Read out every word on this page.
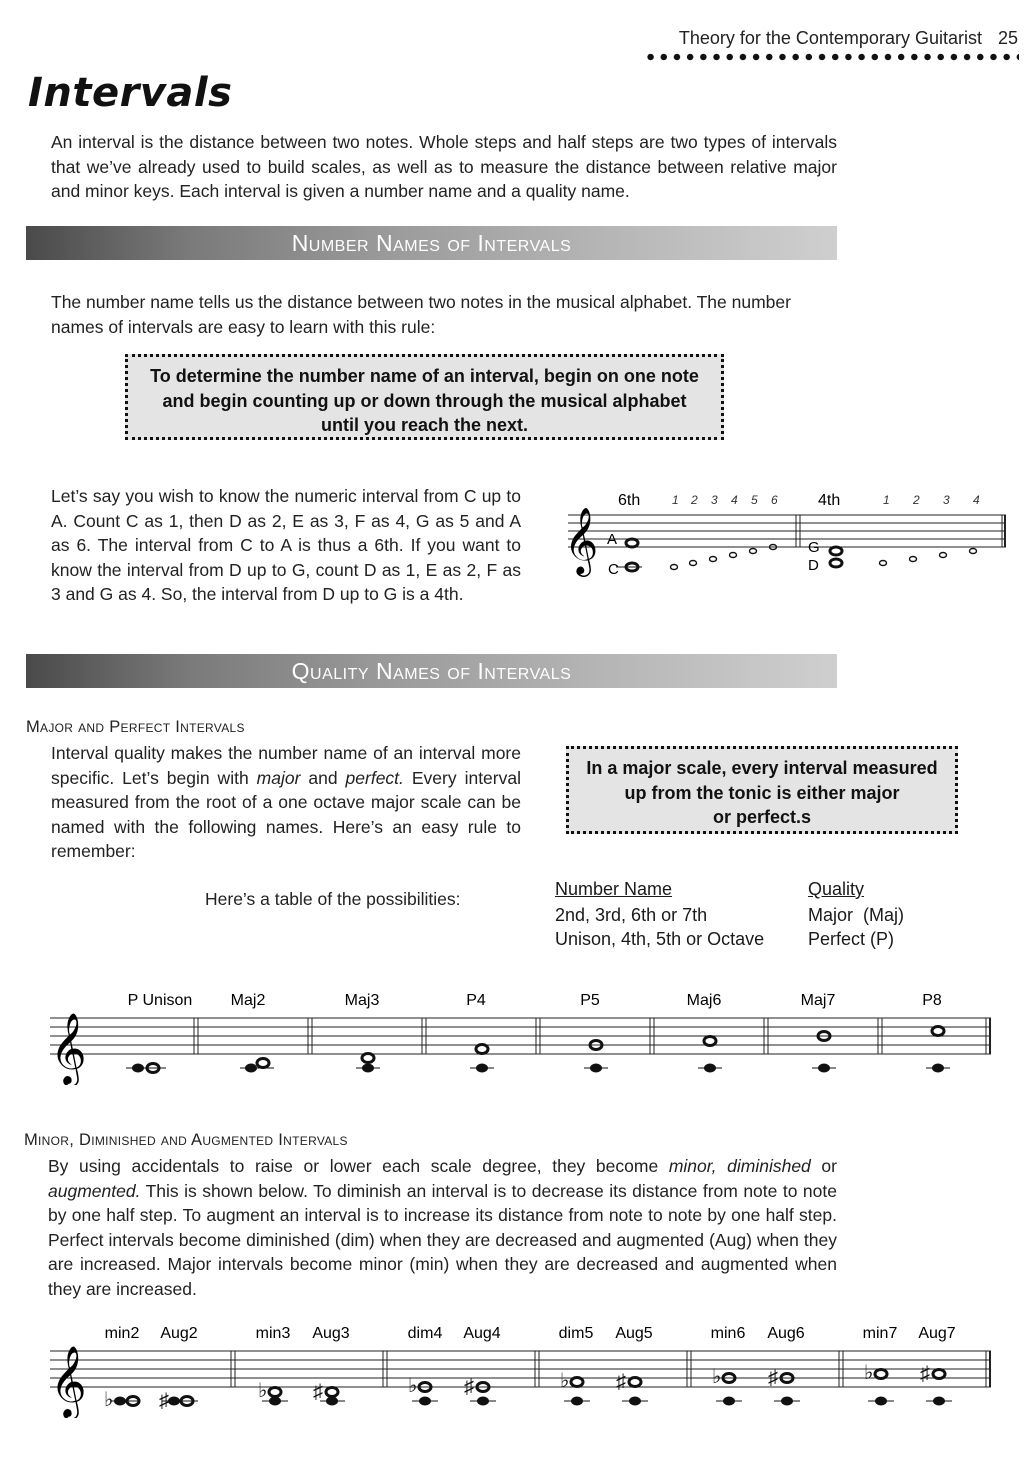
Theory for the Contemporary Guitarist 25
Intervals
An interval is the distance between two notes. Whole steps and half steps are two types of intervals that we’ve already used to build scales, as well as to measure the distance between relative major and minor keys. Each interval is given a number name and a quality name.
Number Names of Intervals
The number name tells us the distance between two notes in the musical alphabet. The number names of intervals are easy to learn with this rule:
To determine the number name of an interval, begin on one note
and begin counting up or down through the musical alphabet
until you reach the next.
Let’s say you wish to know the numeric interval from C up to A. Count C as 1, then D as 2, E as 3, F as 4, G as 5 and A as 6. The interval from C to A is thus a 6th. If you want to know the interval from D up to G, count D as 1, E as 2, F as 3 and G as 4. So, the interval from D up to G is a 4th.
𝄞
6th	4th
1 2 3 4 5 6	1 2 3 4
A
C
G
D
Quality Names of Intervals
Major and Perfect Intervals
Interval quality makes the number name of an interval more specific. Let’s begin with major and perfect. Every interval measured from the root of a one octave major scale can be named with the following names. Here’s an easy rule to remember:
In a major scale, every interval measured
up from the tonic is either major
or perfect.s
Here’s a table of the possibilities:	Number Name	Quality
2nd, 3rd, 6th or 7th	Major  (Maj)
Unison, 4th, 5th or Octave Perfect (P)
𝄞
P Unison Maj2	Maj3	P4	P5	Maj6	Maj7	P8
Minor, Diminished and Augmented Intervals
By using accidentals to raise or lower each scale degree, they become minor, diminished or augmented. This is shown below. To diminish an interval is to decrease its distance from note to note by one half step. To augment an interval is to increase its distance from note to note by one half step. Perfect intervals become diminished (dim) when they are decreased and augmented (Aug) when they are increased. Major intervals become minor (min) when they are decreased and augmented when they are increased.
𝄞
min2 Aug2	min3 Aug3	dim4 Aug4	dim5 Aug5	min6 Aug6	min7 Aug7
♭ ♯	♭ ♯	♭ ♯	♭ ♯	♭ ♯	♭ ♯
